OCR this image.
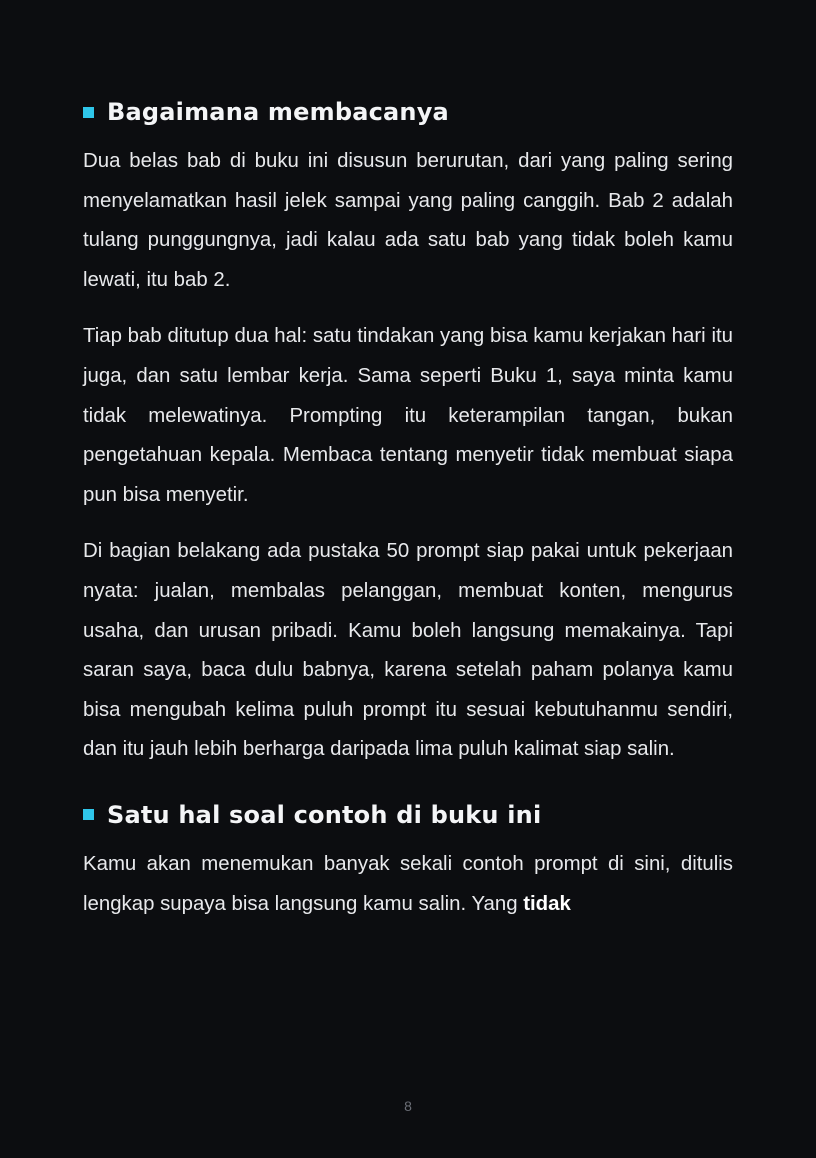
Bagaimana membacanya

Dua belas bab di buku ini disusun berurutan, dari yang paling sering menyelamatkan hasil jelek sampai yang paling canggih. Bab 2 adalah tulang punggungnya, jadi kalau ada satu bab yang tidak boleh kamu lewati, itu bab 2.

Tiap bab ditutup dua hal: satu tindakan yang bisa kamu kerjakan hari itu juga, dan satu lembar kerja. Sama seperti Buku 1, saya minta kamu tidak melewatinya. Prompting itu keterampilan tangan, bukan pengetahuan kepala. Membaca tentang menyetir tidak membuat siapa pun bisa menyetir.

Di bagian belakang ada pustaka 50 prompt siap pakai untuk pekerjaan nyata: jualan, membalas pelanggan, membuat konten, mengurus usaha, dan urusan pribadi. Kamu boleh langsung memakainya. Tapi saran saya, baca dulu babnya, karena setelah paham polanya kamu bisa mengubah kelima puluh prompt itu sesuai kebutuhanmu sendiri, dan itu jauh lebih berharga daripada lima puluh kalimat siap salin.

Satu hal soal contoh di buku ini

Kamu akan menemukan banyak sekali contoh prompt di sini, ditulis lengkap supaya bisa langsung kamu salin. Yang tidak

8
